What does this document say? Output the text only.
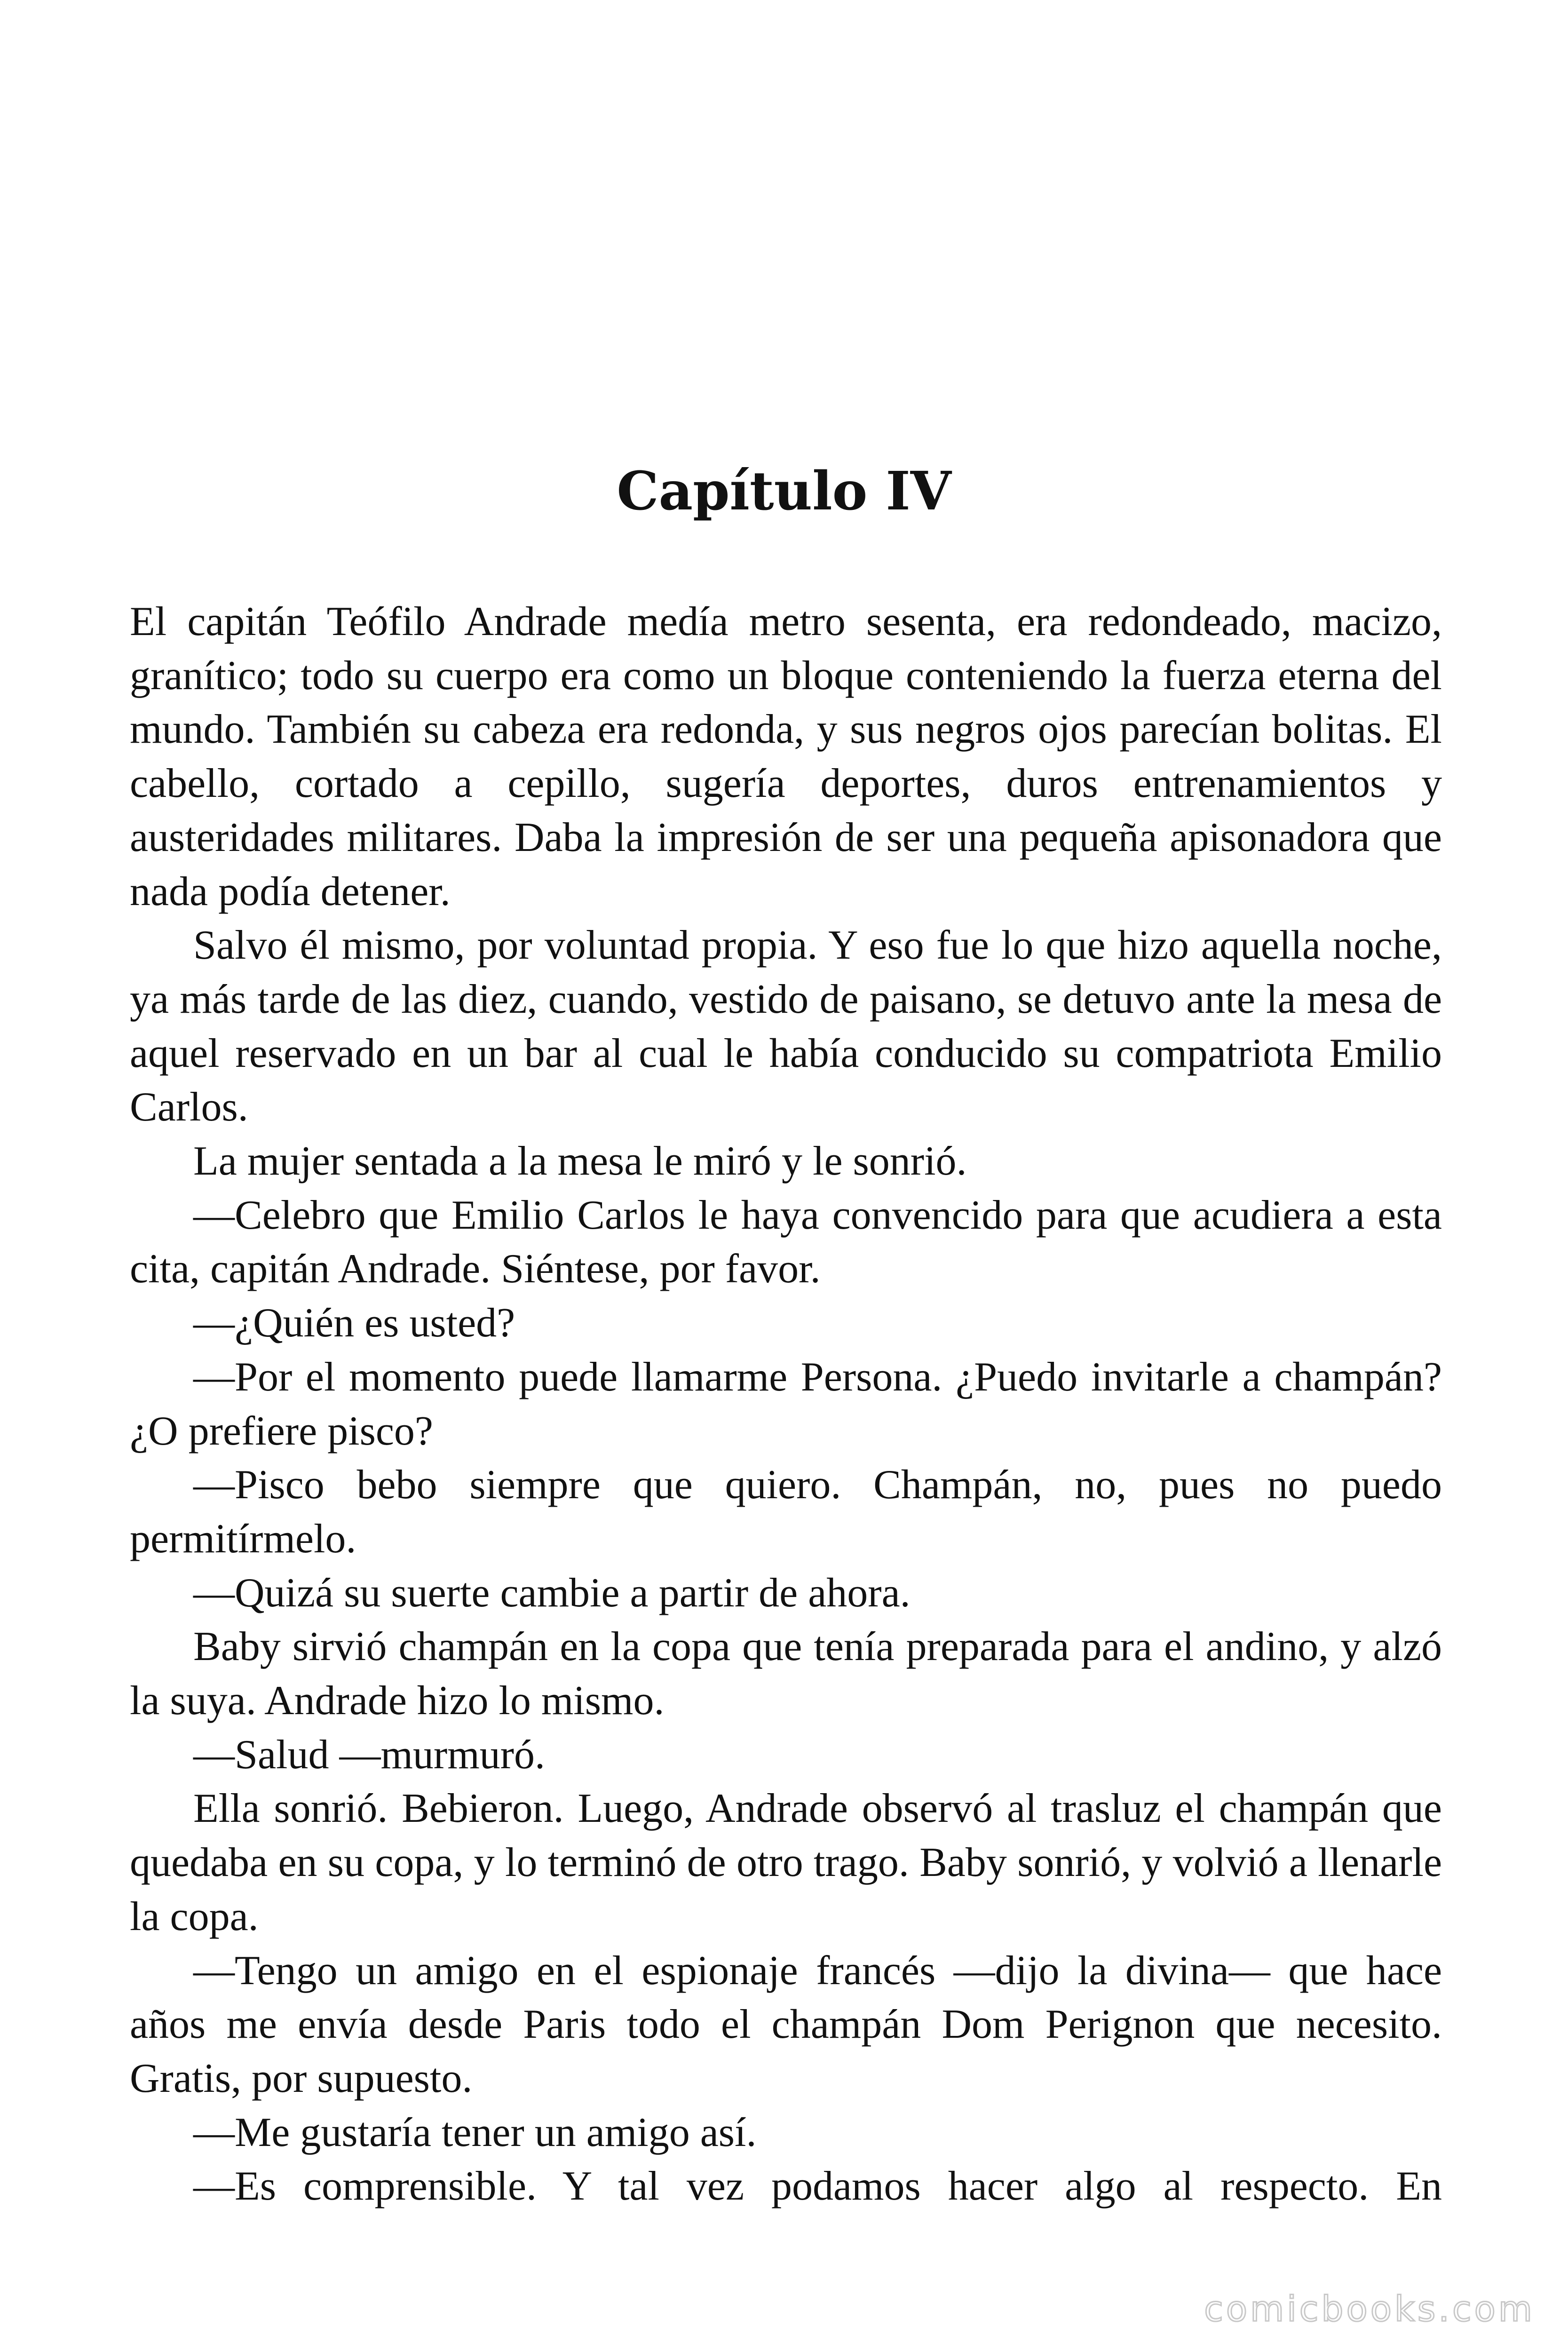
Capítulo IV

El capitán Teófilo Andrade medía metro sesenta, era redondeado, macizo, granítico; todo su cuerpo era como un bloque conteniendo la fuerza eterna del mundo. También su cabeza era redonda, y sus negros ojos parecían bolitas. El cabello, cortado a cepillo, sugería deportes, duros entrenamientos y austeridades militares. Daba la impresión de ser una pequeña apisonadora que nada podía detener.

Salvo él mismo, por voluntad propia. Y eso fue lo que hizo aquella noche, ya más tarde de las diez, cuando, vestido de paisano, se detuvo ante la mesa de aquel reservado en un bar al cual le había conducido su compatriota Emilio Carlos.

La mujer sentada a la mesa le miró y le sonrió.

—Celebro que Emilio Carlos le haya convencido para que acudiera a esta cita, capitán Andrade. Siéntese, por favor.

—¿Quién es usted?

—Por el momento puede llamarme Persona. ¿Puedo invitarle a champán? ¿O prefiere pisco?

—Pisco bebo siempre que quiero. Champán, no, pues no puedo permitírmelo.

—Quizá su suerte cambie a partir de ahora.

Baby sirvió champán en la copa que tenía preparada para el andino, y alzó la suya. Andrade hizo lo mismo.

—Salud —murmuró.

Ella sonrió. Bebieron. Luego, Andrade observó al trasluz el champán que quedaba en su copa, y lo terminó de otro trago. Baby sonrió, y volvió a llenarle la copa.

—Tengo un amigo en el espionaje francés —dijo la divina— que hace años me envía desde Paris todo el champán Dom Perignon que necesito. Gratis, por supuesto.

—Me gustaría tener un amigo así.

—Es comprensible. Y tal vez podamos hacer algo al respecto. En

comicbooks.com
